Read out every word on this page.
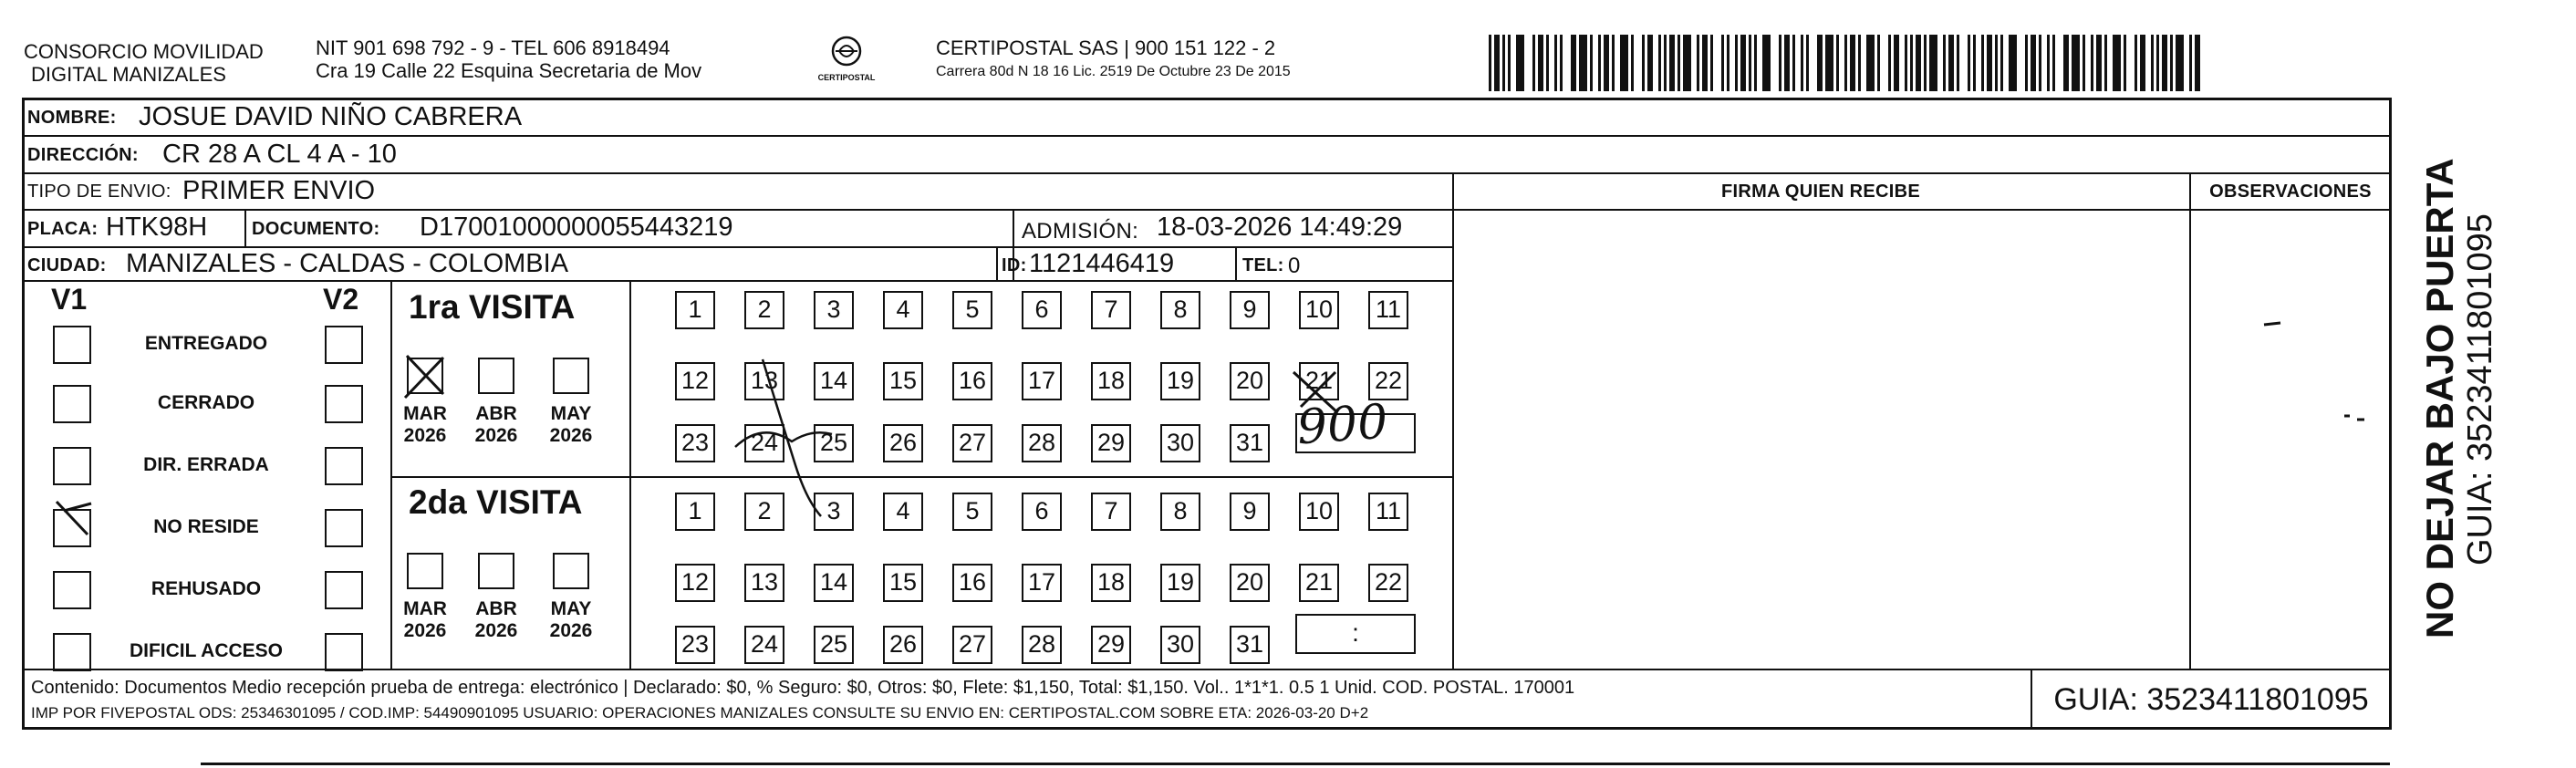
CONSORCIO MOVILIDAD
DIGITAL MANIZALES
NIT 901 698 792 - 9 - TEL 606 8918494
Cra 19 Calle 22 Esquina Secretaria de Mov	CERTIPOSTAL
CERTIPOSTAL SAS | 900 151 122 - 2
Carrera 80d N 18 16 Lic. 2519 De Octubre 23 De 2015
NOMBRE: JOSUE DAVID NIÑO CABRERA
DIRECCIÓN: CR 28 A CL 4 A - 10
TIPO DE ENVIO: PRIMER ENVIO	FIRMA QUIEN RECIBE	OBSERVACIONES
PLACA: HTK98H DOCUMENTO: D17001000000055443219	ADMISIÓN: 18-03-2026 14:49:29
CIUDAD: MANIZALES - CALDAS - COLOMBIA	ID: 1121446419	TEL: 0
V1	V2
ENTREGADO
CERRADO
DIR. ERRADA
NO RESIDE
REHUSADO
DIFICIL ACCESO
1ra VISITA
MAR
2026
ABR
2026
MAY
2026
1	2	3	4	5	6	7	8	9	10 11
12 13 14 15 16 17 18 19 20 21 22
23 24 25 26 27 28 29 30 31 900
2da VISITA
MAR
2026
ABR
2026
MAY
2026
1	2	3	4	5	6	7	8	9	10 11
12 13 14 15 16 17 18 19 20 21 22
23 24 25 26 27 28 29 30 31	:
Contenido: Documentos Medio recepción prueba de entrega: electrónico | Declarado: $0, % Seguro: $0, Otros: $0, Flete: $1,150, Total: $1,150. Vol.. 1*1*1. 0.5 1 Unid. COD. POSTAL. 170001
IMP POR FIVEPOSTAL ODS: 25346301095 / COD.IMP: 54490901095 USUARIO: OPERACIONES MANIZALES CONSULTE SU ENVIO EN: CERTIPOSTAL.COM SOBRE ETA: 2026-03-20 D+2	GUIA: 3523411801095
NO DEJAR BAJO PUERTA GUIA: 3523411801095
